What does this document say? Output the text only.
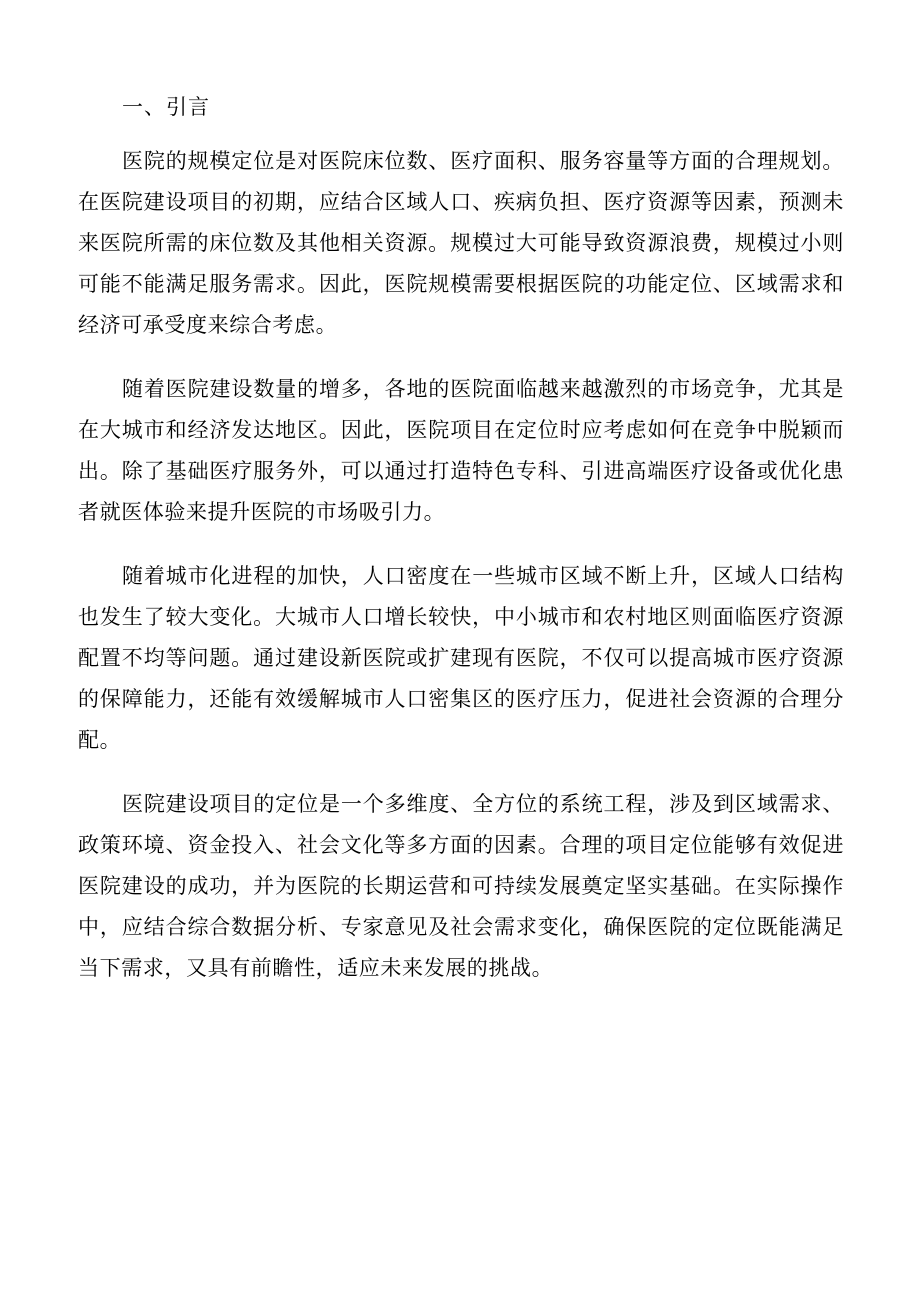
一、引言

医院的规模定位是对医院床位数、医疗面积、服务容量等方面的合理规划。在医院建设项目的初期，应结合区域人口、疾病负担、医疗资源等因素，预测未来医院所需的床位数及其他相关资源。规模过大可能导致资源浪费，规模过小则可能不能满足服务需求。因此，医院规模需要根据医院的功能定位、区域需求和经济可承受度来综合考虑。

随着医院建设数量的增多，各地的医院面临越来越激烈的市场竞争，尤其是在大城市和经济发达地区。因此，医院项目在定位时应考虑如何在竞争中脱颖而出。除了基础医疗服务外，可以通过打造特色专科、引进高端医疗设备或优化患者就医体验来提升医院的市场吸引力。

随着城市化进程的加快，人口密度在一些城市区域不断上升，区域人口结构也发生了较大变化。大城市人口增长较快，中小城市和农村地区则面临医疗资源配置不均等问题。通过建设新医院或扩建现有医院，不仅可以提高城市医疗资源的保障能力，还能有效缓解城市人口密集区的医疗压力，促进社会资源的合理分配。

医院建设项目的定位是一个多维度、全方位的系统工程，涉及到区域需求、政策环境、资金投入、社会文化等多方面的因素。合理的项目定位能够有效促进医院建设的成功，并为医院的长期运营和可持续发展奠定坚实基础。在实际操作中，应结合综合数据分析、专家意见及社会需求变化，确保医院的定位既能满足当下需求，又具有前瞻性，适应未来发展的挑战。
